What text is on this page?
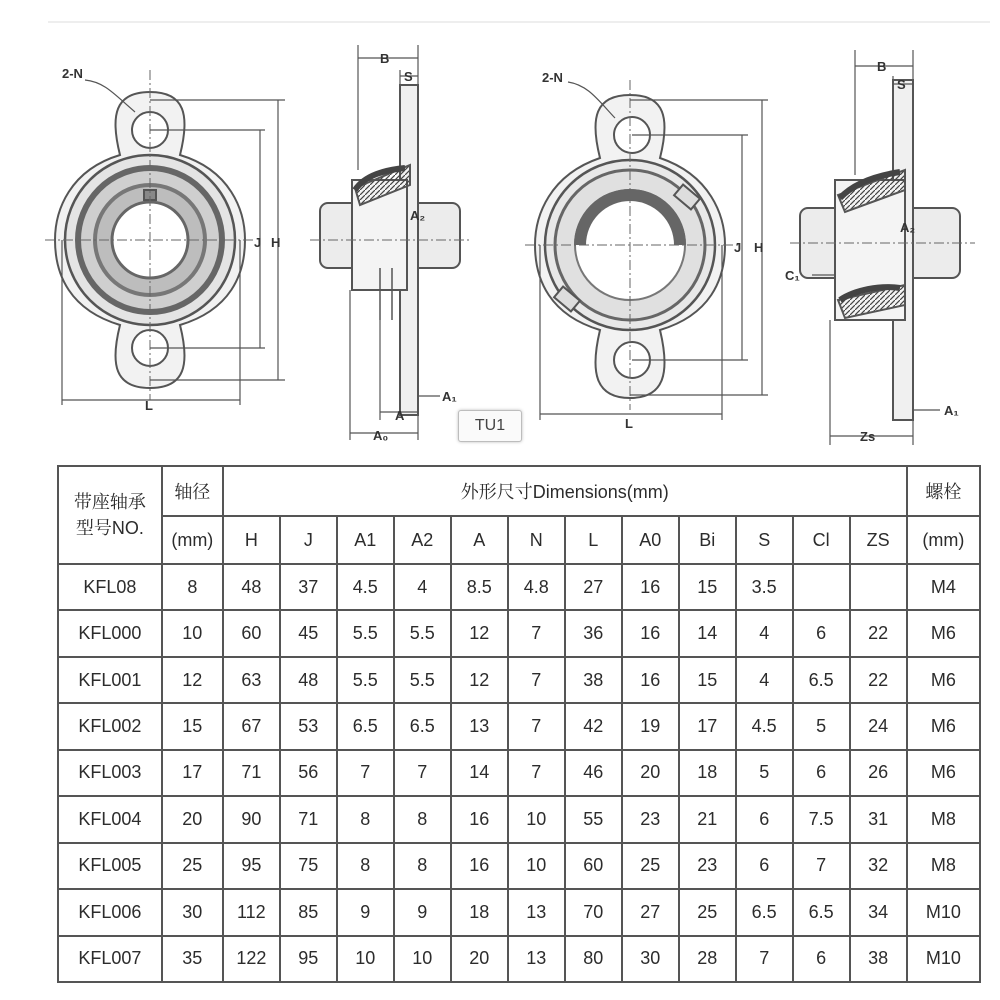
2-N
J H
L
B
S
A₂
A
A₀
A₁
2-N
J H
L
B
S
A₂
C₁
Zs
A₁
TU1
带座轴承
型号NO.	轴径	外形尺寸Dimensions(mm)												螺栓
	(mm)	H	J	A1	A2	A	N	L	A0	Bi	S	Cl	ZS	(mm)
KFL08	8	48	37	4.5	4	8.5	4.8	27	16	15	3.5			M4
KFL000	10	60	45	5.5	5.5	12	7	36	16	14	4	6	22	M6
KFL001	12	63	48	5.5	5.5	12	7	38	16	15	4	6.5	22	M6
KFL002	15	67	53	6.5	6.5	13	7	42	19	17	4.5	5	24	M6
KFL003	17	71	56	7	7	14	7	46	20	18	5	6	26	M6
KFL004	20	90	71	8	8	16	10	55	23	21	6	7.5	31	M8
KFL005	25	95	75	8	8	16	10	60	25	23	6	7	32	M8
KFL006	30	112	85	9	9	18	13	70	27	25	6.5	6.5	34	M10
KFL007	35	122	95	10	10	20	13	80	30	28	7	6	38	M10
